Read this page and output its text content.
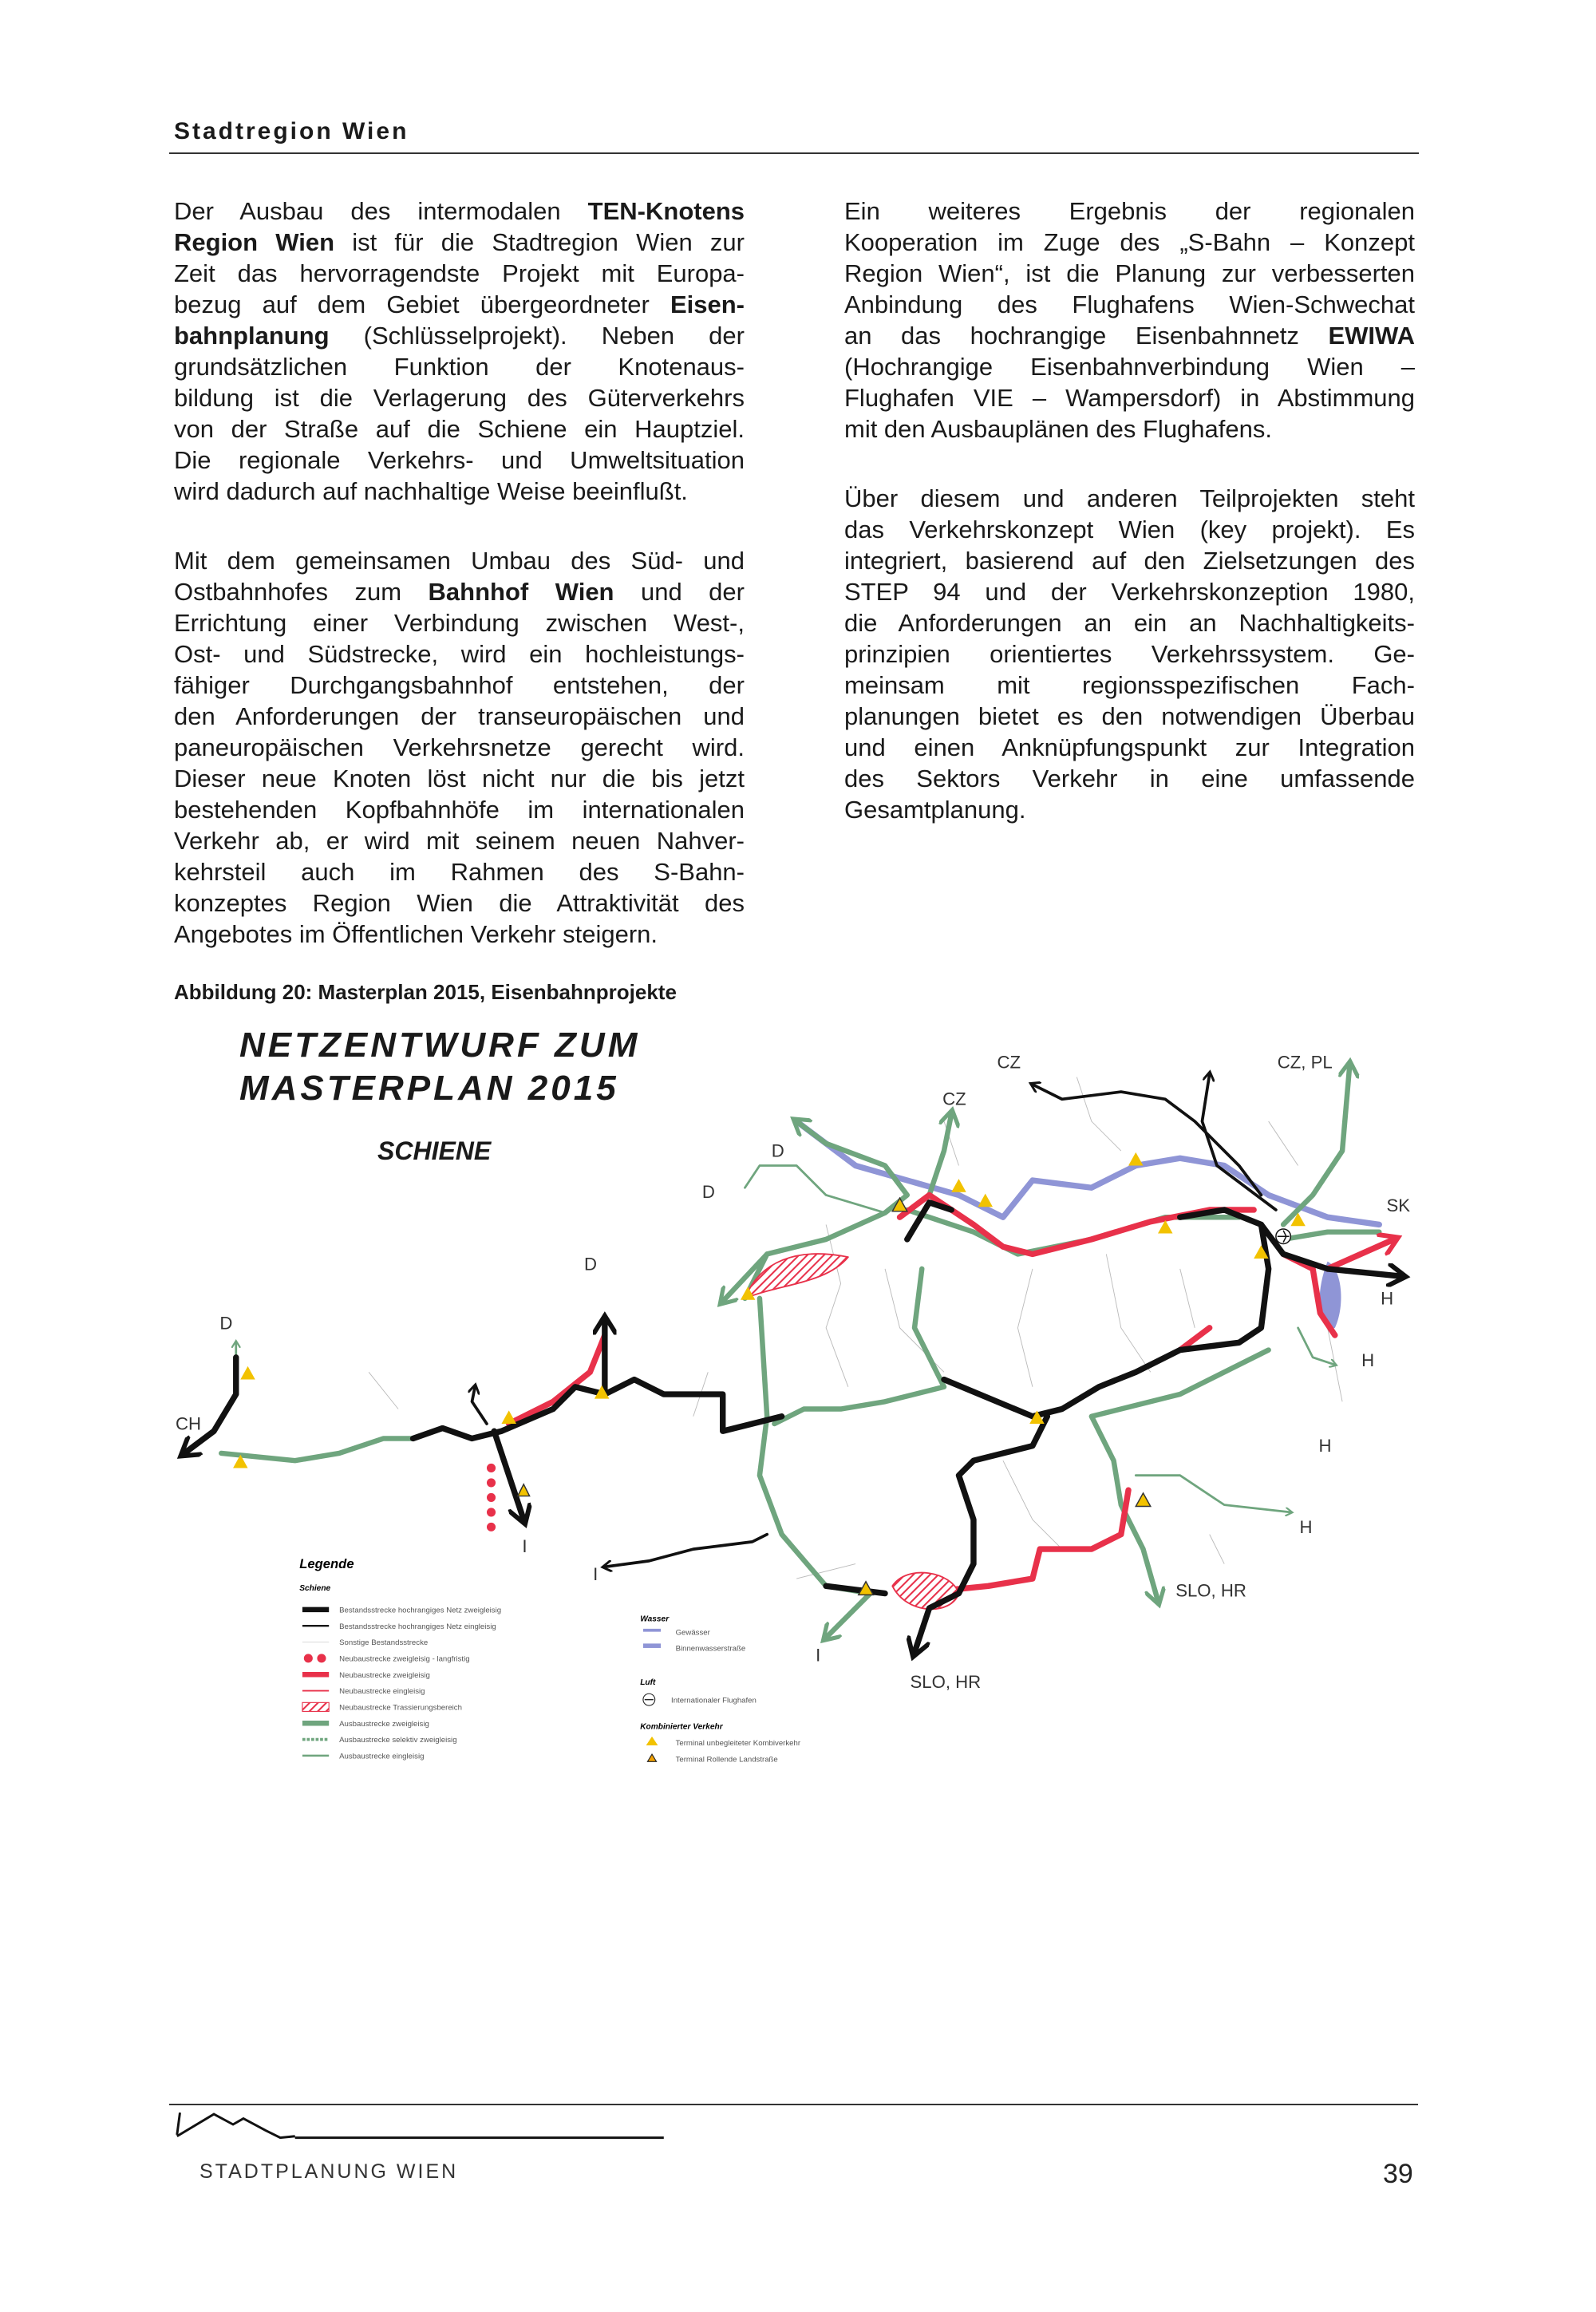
Stadtregion Wien
Der Ausbau des intermodalen TEN-Knotens
Region Wien ist für die Stadtregion Wien zur
Zeit das hervorragendste Projekt mit Europa-
bezug auf dem Gebiet übergeordneter Eisen-
bahnplanung (Schlüsselprojekt). Neben der
grundsätzlichen Funktion der Knotenaus-
bildung ist die Verlagerung des Güterverkehrs
von der Straße auf die Schiene ein Hauptziel.
Die regionale Verkehrs- und Umweltsituation
wird dadurch auf nachhaltige Weise beeinflußt.
Mit dem gemeinsamen Umbau des Süd- und
Ostbahnhofes zum Bahnhof Wien und der
Errichtung einer Verbindung zwischen West-,
Ost- und Südstrecke, wird ein hochleistungs-
fähiger Durchgangsbahnhof entstehen, der
den Anforderungen der transeuropäischen und
paneuropäischen Verkehrsnetze gerecht wird.
Dieser neue Knoten löst nicht nur die bis jetzt
bestehenden Kopfbahnhöfe im internationalen
Verkehr ab, er wird mit seinem neuen Nahver-
kehrsteil auch im Rahmen des S-Bahn-
konzeptes Region Wien die Attraktivität des
Angebotes im Öffentlichen Verkehr steigern.
Ein weiteres Ergebnis der regionalen
Kooperation im Zuge des „S-Bahn – Konzept
Region Wien“, ist die Planung zur verbesserten
Anbindung des Flughafens Wien-Schwechat
an das hochrangige Eisenbahnnetz EWIWA
(Hochrangige Eisenbahnverbindung Wien –
Flughafen VIE – Wampersdorf) in Abstimmung
mit den Ausbauplänen des Flughafens.
Über diesem und anderen Teilprojekten steht
das Verkehrskonzept Wien (key projekt). Es
integriert, basierend auf den Zielsetzungen des
STEP 94 und der Verkehrskonzeption 1980,
die Anforderungen an ein an Nachhaltigkeits-
prinzipien orientiertes Verkehrssystem. Ge-
meinsam mit regionsspezifischen Fach-
planungen bietet es den notwendigen Überbau
und einen Anknüpfungspunkt zur Integration
des Sektors Verkehr in eine umfassende
Gesamtplanung.
Abbildung 20: Masterplan 2015, Eisenbahnprojekte
NETZENTWURF ZUM
MASTERPLAN 2015
SCHIENE
CZ	CZ, PL
CZ
D
D
D
D
CH
SK
H
H
H
H
SLO, HR
SLO, HR
I
I
I
Legende
Schiene
Bestandsstrecke hochrangiges Netz zweigleisig
Bestandsstrecke hochrangiges Netz eingleisig
Sonstige Bestandsstrecke
Neubaustrecke zweigleisig - langfristig
Neubaustrecke zweigleisig
Neubaustrecke eingleisig
Neubaustrecke Trassierungsbereich
Ausbaustrecke zweigleisig
Ausbaustrecke selektiv zweigleisig
Ausbaustrecke eingleisig
Wasser
Gewässer
Binnenwasserstraße
Luft
Internationaler Flughafen
Kombinierter Verkehr
Terminal unbegleiteter Kombiverkehr
Terminal Rollende Landstraße
STADTPLANUNG WIEN	39
